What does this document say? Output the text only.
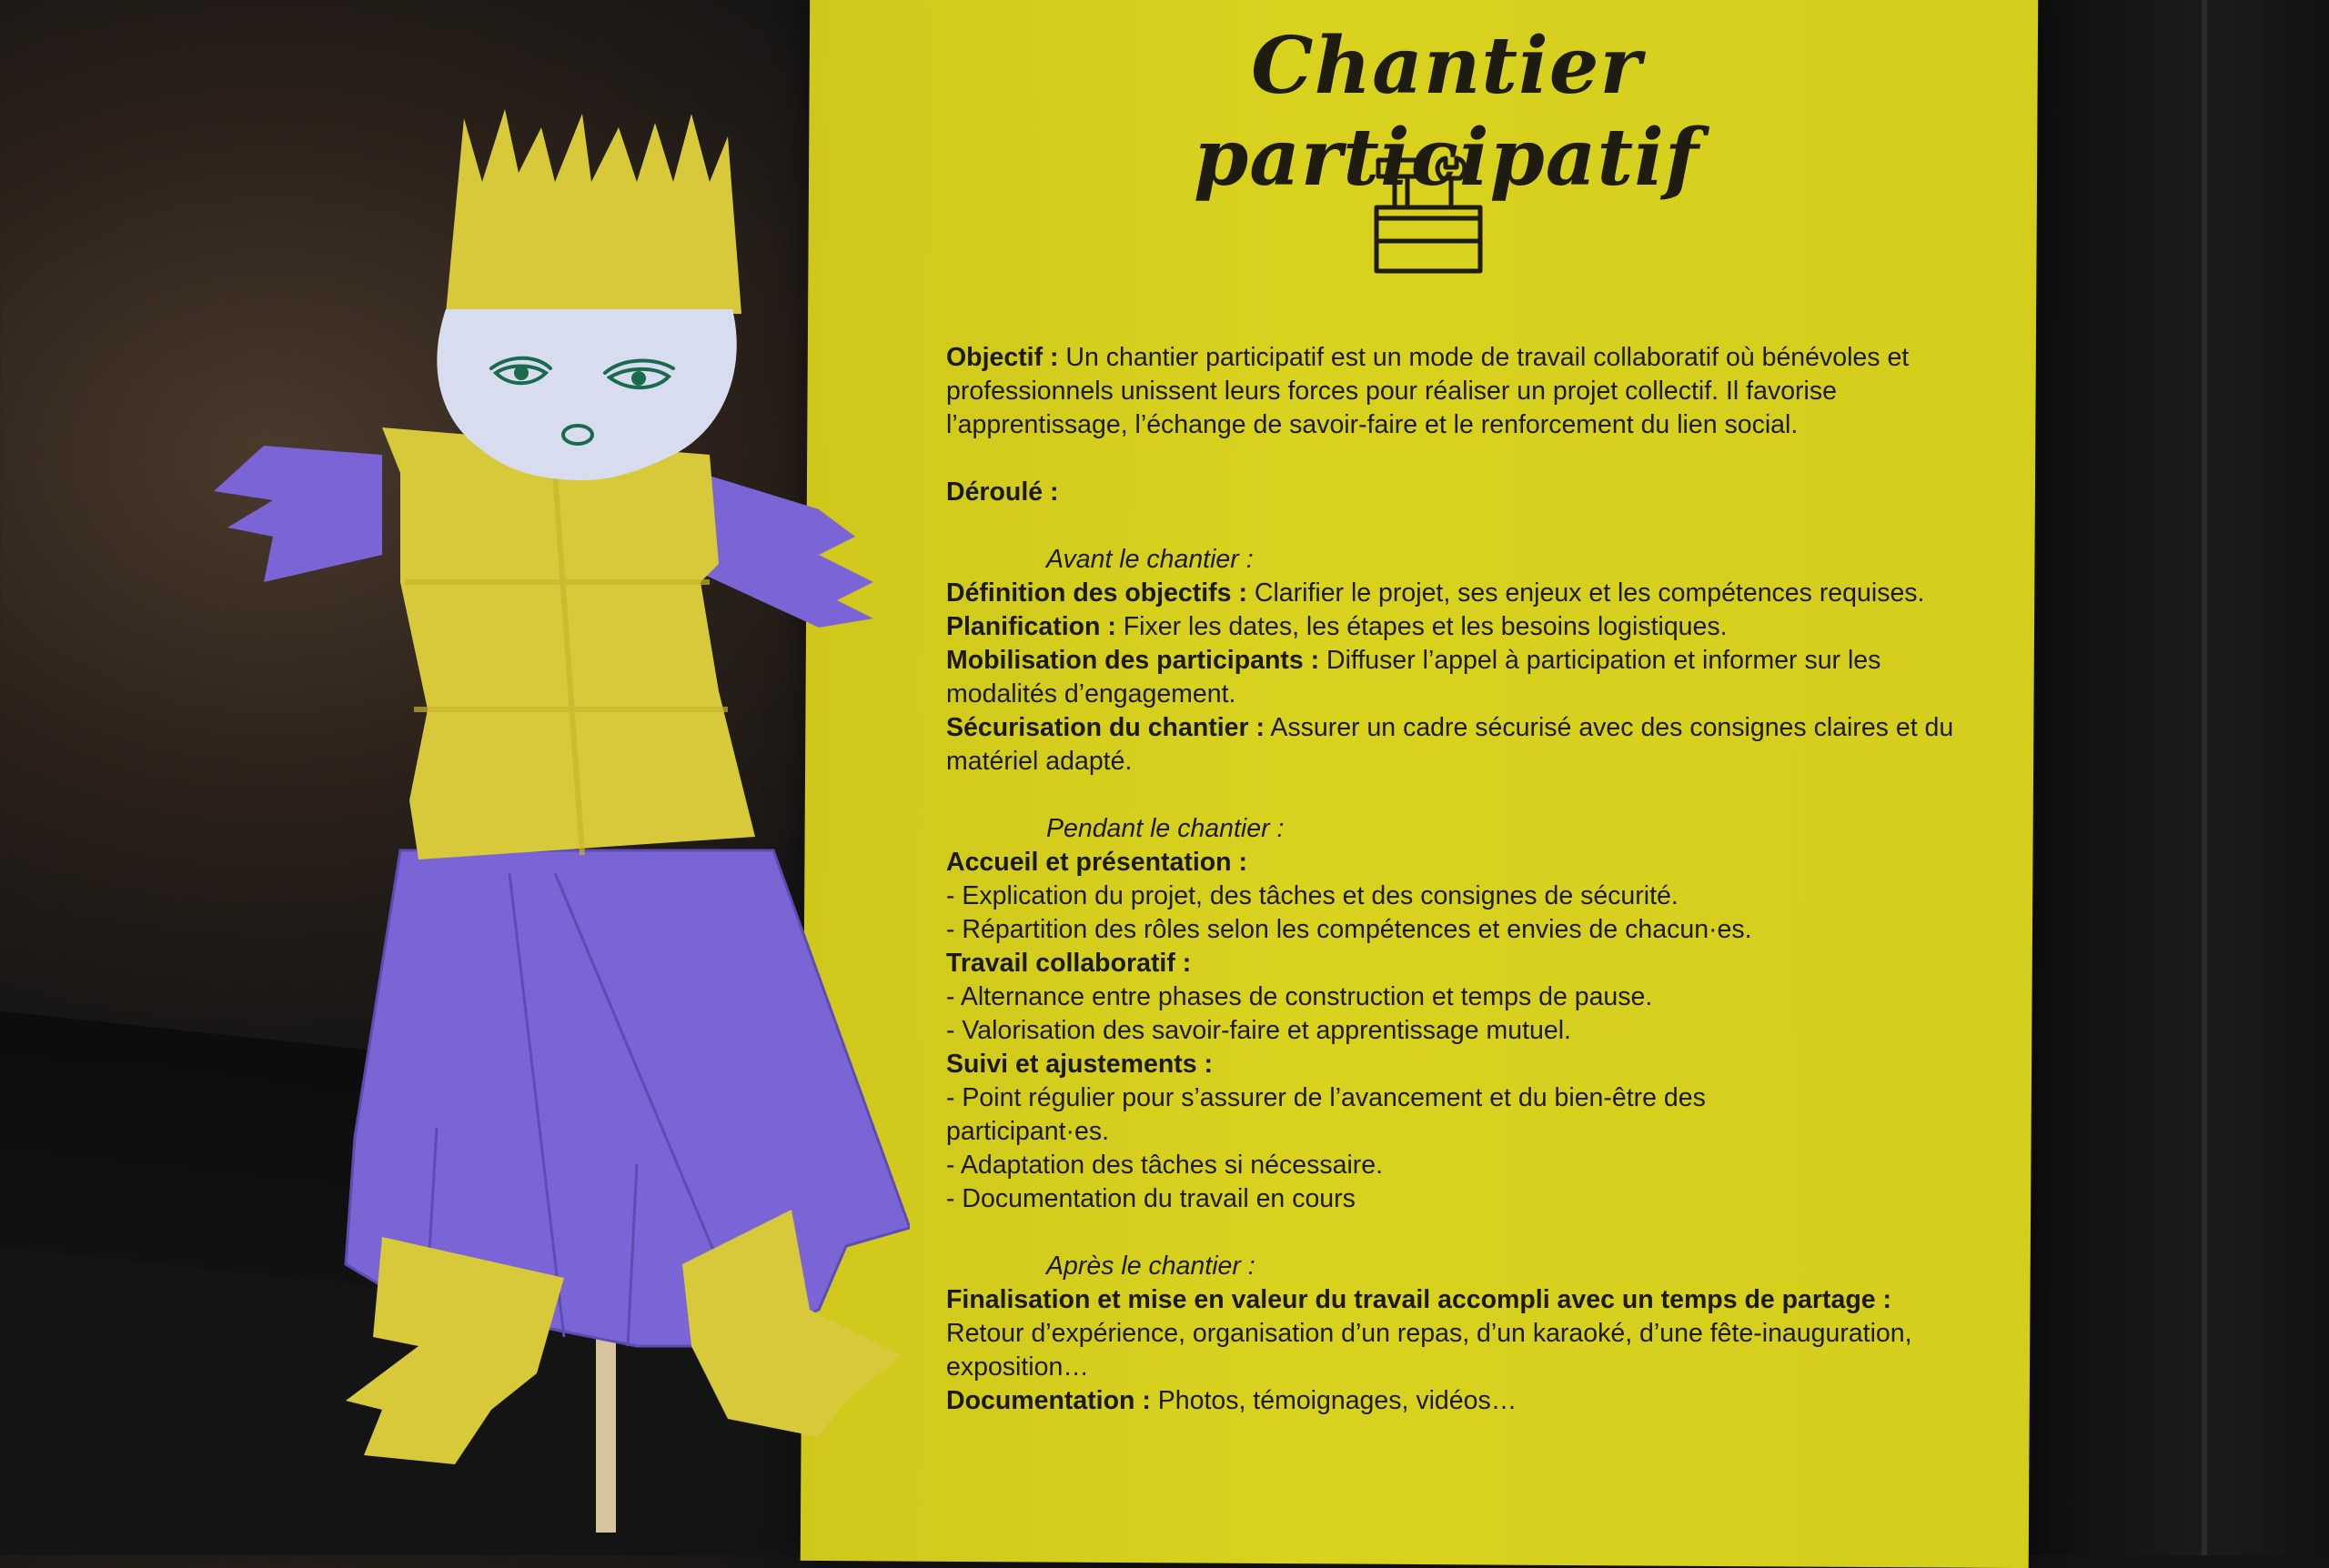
Chantier participatif

Objectif : Un chantier participatif est un mode de travail collaboratif où bénévoles et professionnels unissent leurs forces pour réaliser un projet collectif. Il favorise l’apprentissage, l’échange de savoir-faire et le renforcement du lien social.

Déroulé :

Avant le chantier :

Définition des objectifs : Clarifier le projet, ses enjeux et les compétences requises.

Planification : Fixer les dates, les étapes et les besoins logistiques.

Mobilisation des participants : Diffuser l’appel à participation et informer sur les modalités d’engagement.

Sécurisation du chantier : Assurer un cadre sécurisé avec des consignes claires et du matériel adapté.

Pendant le chantier :

Accueil et présentation :

- Explication du projet, des tâches et des consignes de sécurité.

- Répartition des rôles selon les compétences et envies de chacun·es.

Travail collaboratif :

- Alternance entre phases de construction et temps de pause.

- Valorisation des savoir-faire et apprentissage mutuel.

Suivi et ajustements :

- Point régulier pour s’assurer de l’avancement et du bien-être des participant·es.

- Adaptation des tâches si nécessaire.

- Documentation du travail en cours

Après le chantier :

Finalisation et mise en valeur du travail accompli avec un temps de partage : Retour d’expérience, organisation d’un repas, d’un karaoké, d’une fête-inauguration, exposition…

Documentation : Photos, témoignages, vidéos…
